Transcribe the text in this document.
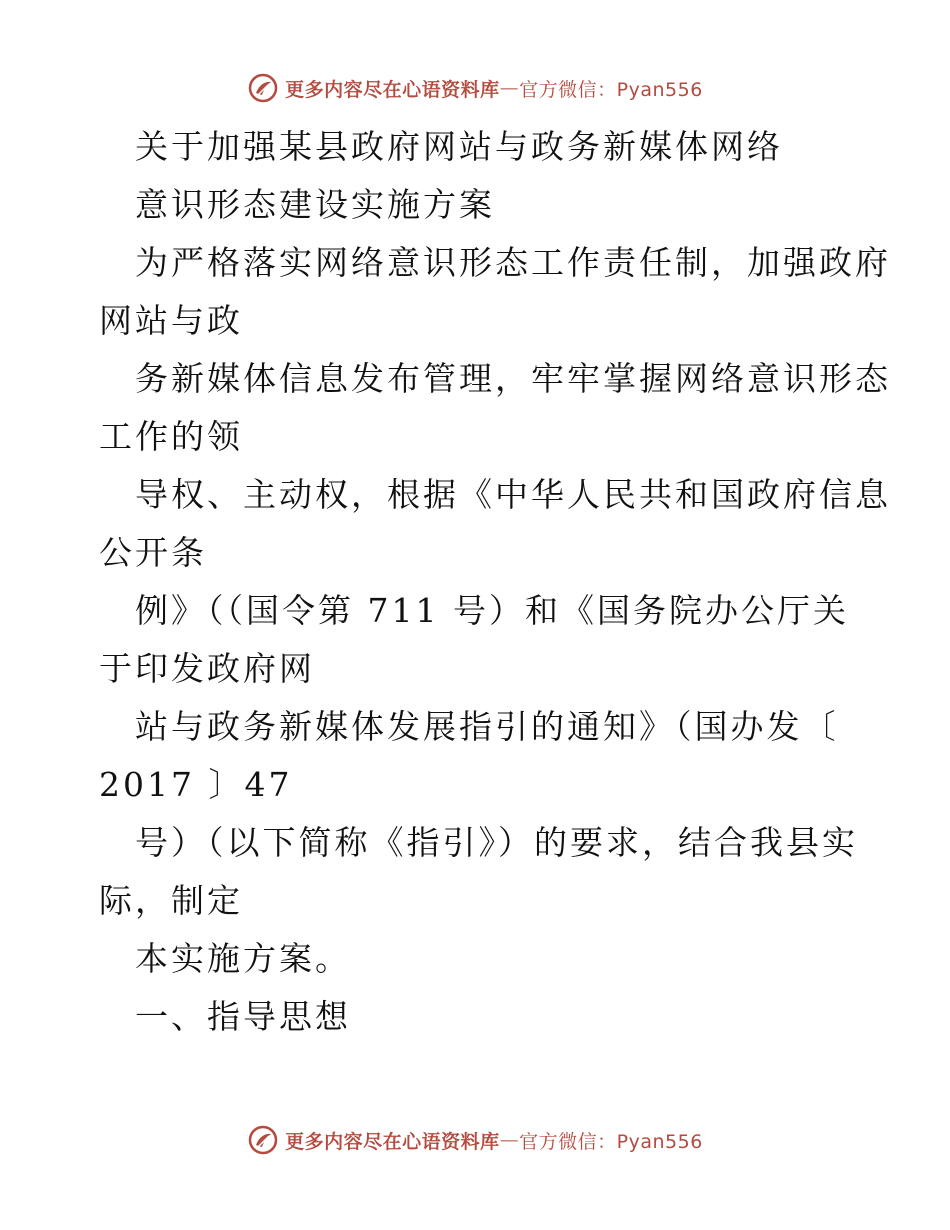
更多内容尽在心语资料库 — 官方微信：Pyan556
关于加强某县政府网站与政务新媒体网络
意识形态建设实施方案
为严格落实网络意识形态工作责任制，加强政府
网站与政
务新媒体信息发布管理，牢牢掌握网络意识形态
工作的领
导权、主动权，根据《中华人民共和国政府信息
公开条
例》（（国令第 711 号）和《国务院办公厅关
于印发政府网
站与政务新媒体发展指引的通知》（国办发〔
2017 〕47
号）（以下简称《指引》）的要求，结合我县实
际，制定
本实施方案。
一、指导思想
更多内容尽在心语资料库 — 官方微信：Pyan556
